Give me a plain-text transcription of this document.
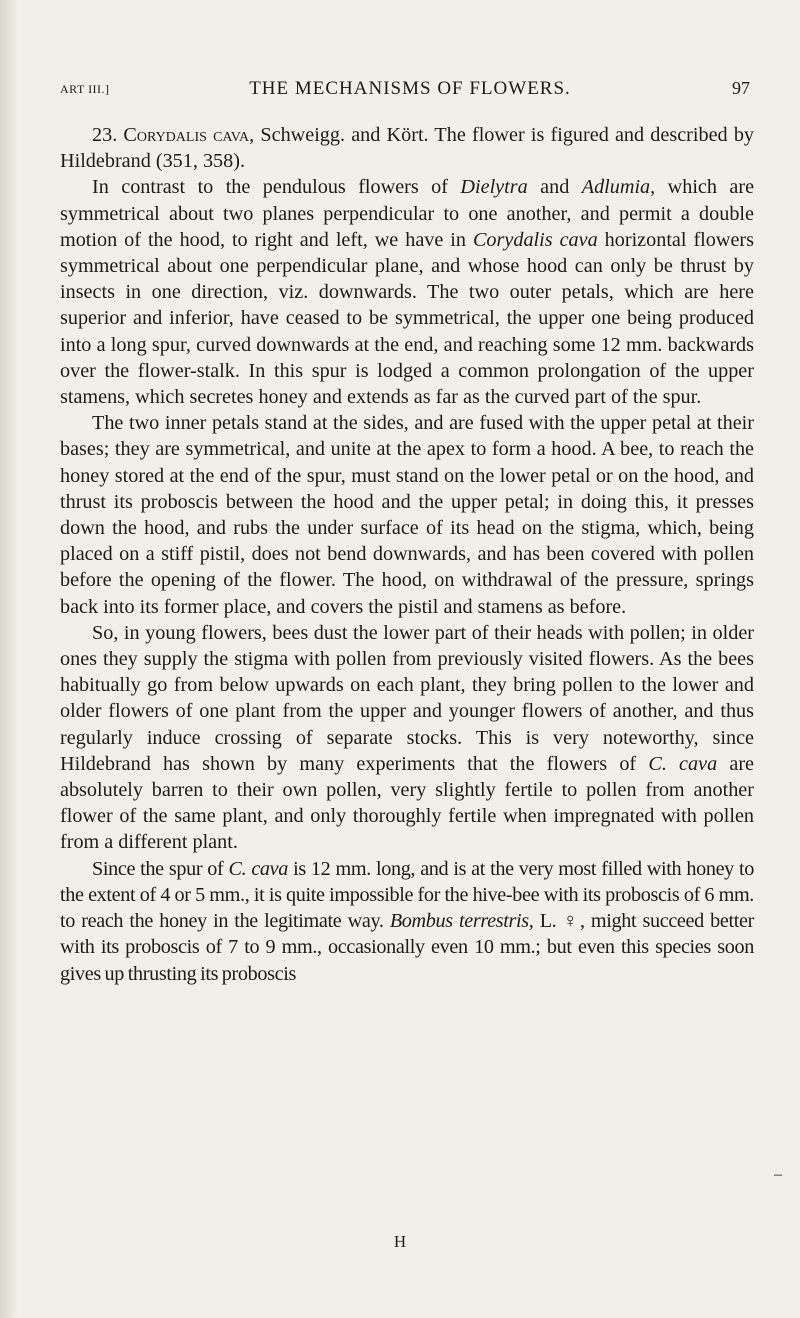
ART III.]	THE MECHANISMS OF FLOWERS.	97

23. Corydalis cava, Schweigg. and Kört. The flower is figured and described by Hildebrand (351, 358).

In contrast to the pendulous flowers of Dielytra and Adlumia, which are symmetrical about two planes perpendicular to one another, and permit a double motion of the hood, to right and left, we have in Corydalis cava horizontal flowers symmetrical about one perpendicular plane, and whose hood can only be thrust by insects in one direction, viz. downwards. The two outer petals, which are here superior and inferior, have ceased to be symmetrical, the upper one being produced into a long spur, curved downwards at the end, and reaching some 12 mm. backwards over the flower-stalk. In this spur is lodged a common prolongation of the upper stamens, which secretes honey and extends as far as the curved part of the spur.

The two inner petals stand at the sides, and are fused with the upper petal at their bases; they are symmetrical, and unite at the apex to form a hood. A bee, to reach the honey stored at the end of the spur, must stand on the lower petal or on the hood, and thrust its proboscis between the hood and the upper petal; in doing this, it presses down the hood, and rubs the under surface of its head on the stigma, which, being placed on a stiff pistil, does not bend downwards, and has been covered with pollen before the opening of the flower. The hood, on withdrawal of the pressure, springs back into its former place, and covers the pistil and stamens as before.

So, in young flowers, bees dust the lower part of their heads with pollen; in older ones they supply the stigma with pollen from previously visited flowers. As the bees habitually go from below upwards on each plant, they bring pollen to the lower and older flowers of one plant from the upper and younger flowers of another, and thus regularly induce crossing of separate stocks. This is very noteworthy, since Hildebrand has shown by many experiments that the flowers of C. cava are absolutely barren to their own pollen, very slightly fertile to pollen from another flower of the same plant, and only thoroughly fertile when impregnated with pollen from a different plant.

Since the spur of C. cava is 12 mm. long, and is at the very most filled with honey to the extent of 4 or 5 mm., it is quite impossible for the hive-bee with its proboscis of 6 mm. to reach the honey in the legitimate way. Bombus terrestris, L. ♀, might succeed better with its proboscis of 7 to 9 mm., occasionally even 10 mm.; but even this species soon gives up thrusting its proboscis

–
H
